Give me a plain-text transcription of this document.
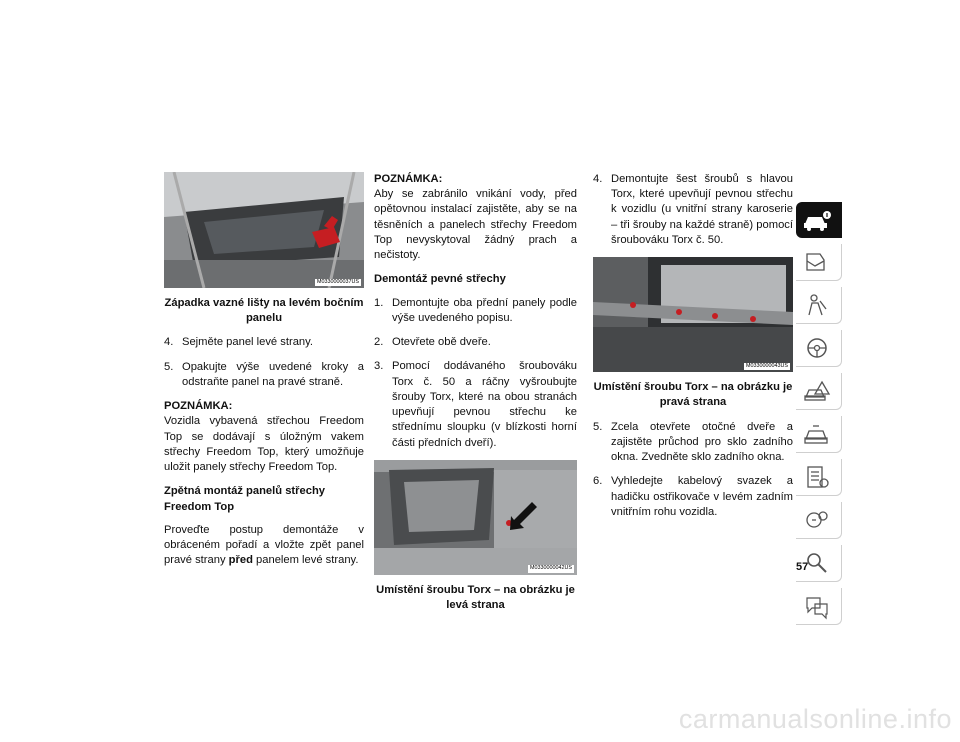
M0330000037US
Západka vazné lišty na levém bočním panelu
4. Sejměte panel levé strany.
5. Opakujte výše uvedené kroky a odstraňte panel na pravé straně.
POZNÁMKA:

Vozidla vybavená střechou Freedom Top se dodávají s úložným vakem střechy Freedom Top, který umožňuje uložit panely střechy Freedom Top.

Zpětná montáž panelů střechy Freedom Top

Proveďte postup demontáže v obráceném pořadí a vložte zpět panel pravé strany před panelem levé strany.

POZNÁMKA:

Aby se zabránilo vnikání vody, před opětovnou instalací zajistěte, aby se na těsněních a panelech střechy Freedom Top nevyskytoval žádný prach a nečistoty.

Demontáž pevné střechy
1. Demontujte oba přední panely podle výše uvedeného popisu.
2. Otevřete obě dveře.
3. Pomocí dodávaného šroubováku Torx č. 50 a ráčny vyšroubujte šrouby Torx, které na obou stranách upevňují pevnou střechu ke střednímu sloupku (v blízkosti horní části předních dveří).
M0330000042US
Umístění šroubu Torx – na obrázku je levá strana
4. Demontujte šest šroubů s hlavou Torx, které upevňují pevnou střechu k vozidlu (u vnitřní strany karoserie – tři šrouby na každé straně) pomocí šroubováku Torx č. 50.
M0330000043US
Umístění šroubu Torx – na obrázku je pravá strana
5. Zcela otevřete otočné dveře a zajistěte průchod pro sklo zadního okna. Zvedněte sklo zadního okna.
6. Vyhledejte kabelový svazek a hadičku ostřikovače v levém zadním vnitřním rohu vozidla.
57
carmanualsonline.info
